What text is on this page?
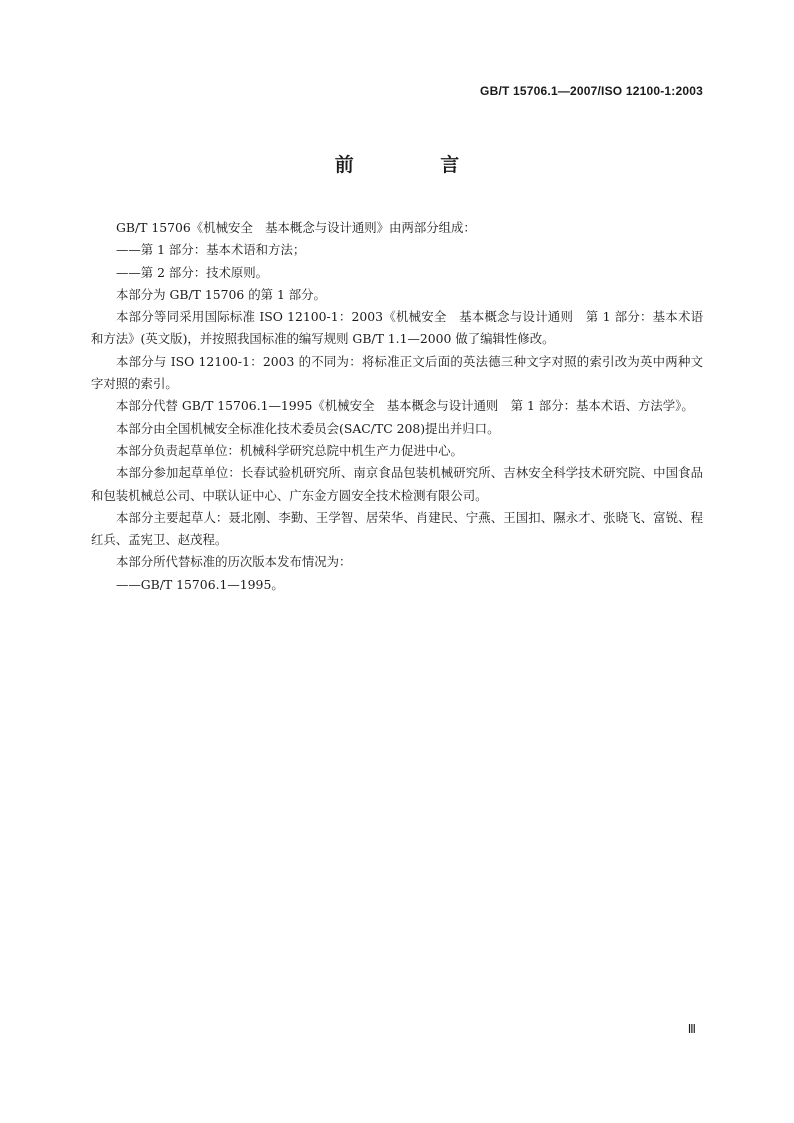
GB/T 15706.1—2007/ISO 12100-1:2003
前 言

GB/T 15706《机械安全　基本概念与设计通则》由两部分组成：

——第 1 部分：基本术语和方法；

——第 2 部分：技术原则。

本部分为 GB/T 15706 的第 1 部分。

本部分等同采用国际标准 ISO 12100-1：2003《机械安全　基本概念与设计通则　第 1 部分：基本术语和方法》(英文版)，并按照我国标准的编写规则 GB/T 1.1—2000 做了编辑性修改。

本部分与 ISO 12100-1：2003 的不同为：将标准正文后面的英法德三种文字对照的索引改为英中两种文字对照的索引。

本部分代替 GB/T 15706.1—1995《机械安全　基本概念与设计通则　第 1 部分：基本术语、方法学》。

本部分由全国机械安全标准化技术委员会(SAC/TC 208)提出并归口。

本部分负责起草单位：机械科学研究总院中机生产力促进中心。

本部分参加起草单位：长春试验机研究所、南京食品包装机械研究所、吉林安全科学技术研究院、中国食品和包装机械总公司、中联认证中心、广东金方圆安全技术检测有限公司。

本部分主要起草人：聂北刚、李勤、王学智、居荣华、肖建民、宁燕、王国扣、隰永才、张晓飞、富锐、程红兵、孟宪卫、赵茂程。

本部分所代替标准的历次版本发布情况为：

——GB/T 15706.1—1995。

Ⅲ
